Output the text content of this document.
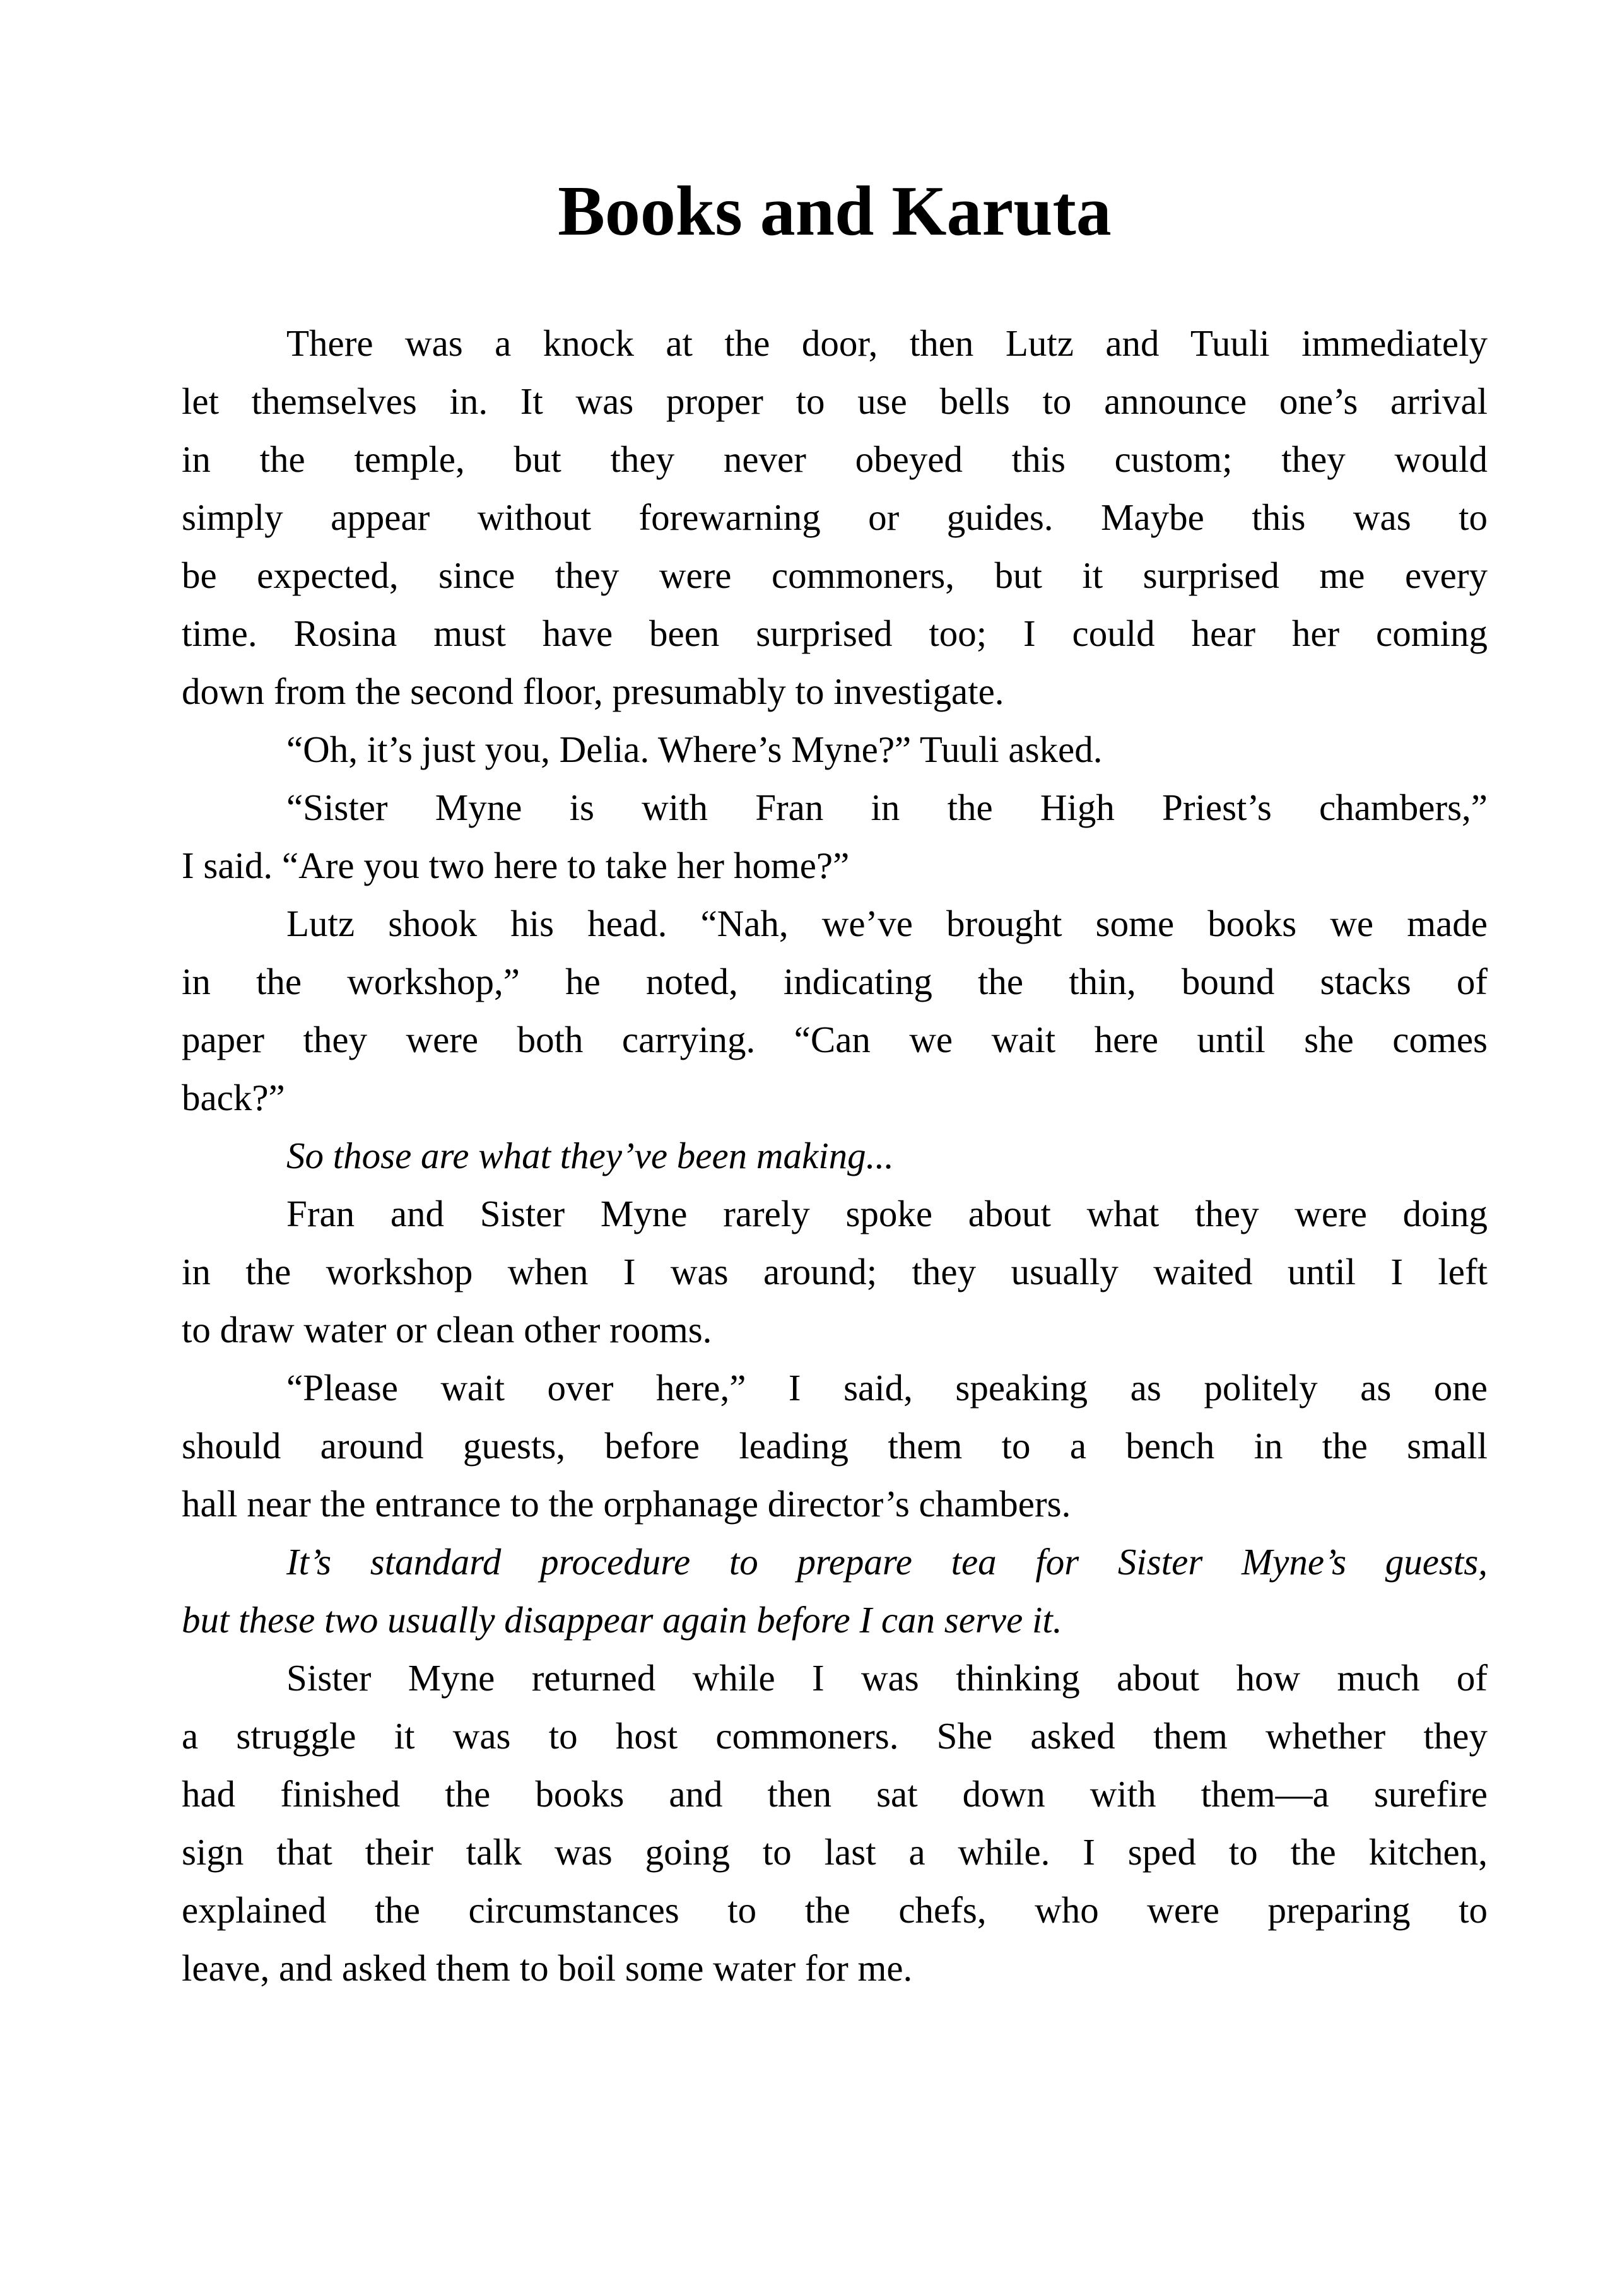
Books and Karuta
There was a knock at the door, then Lutz and Tuuli immediately
let themselves in. It was proper to use bells to announce one’s arrival
in the temple, but they never obeyed this custom; they would
simply appear without forewarning or guides. Maybe this was to
be expected, since they were commoners, but it surprised me every
time. Rosina must have been surprised too; I could hear her coming
down from the second floor, presumably to investigate.
“Oh, it’s just you, Delia. Where’s Myne?” Tuuli asked.
“Sister Myne is with Fran in the High Priest’s chambers,”
I said. “Are you two here to take her home?”
Lutz shook his head. “Nah, we’ve brought some books we made
in the workshop,” he noted, indicating the thin, bound stacks of
paper they were both carrying. “Can we wait here until she comes
back?”
So those are what they’ve been making...
Fran and Sister Myne rarely spoke about what they were doing
in the workshop when I was around; they usually waited until I left
to draw water or clean other rooms.
“Please wait over here,” I said, speaking as politely as one
should around guests, before leading them to a bench in the small
hall near the entrance to the orphanage director’s chambers.
It’s standard procedure to prepare tea for Sister Myne’s guests,
but these two usually disappear again before I can serve it.
Sister Myne returned while I was thinking about how much of
a struggle it was to host commoners. She asked them whether they
had finished the books and then sat down with them—a surefire
sign that their talk was going to last a while. I sped to the kitchen,
explained the circumstances to the chefs, who were preparing to
leave, and asked them to boil some water for me.
